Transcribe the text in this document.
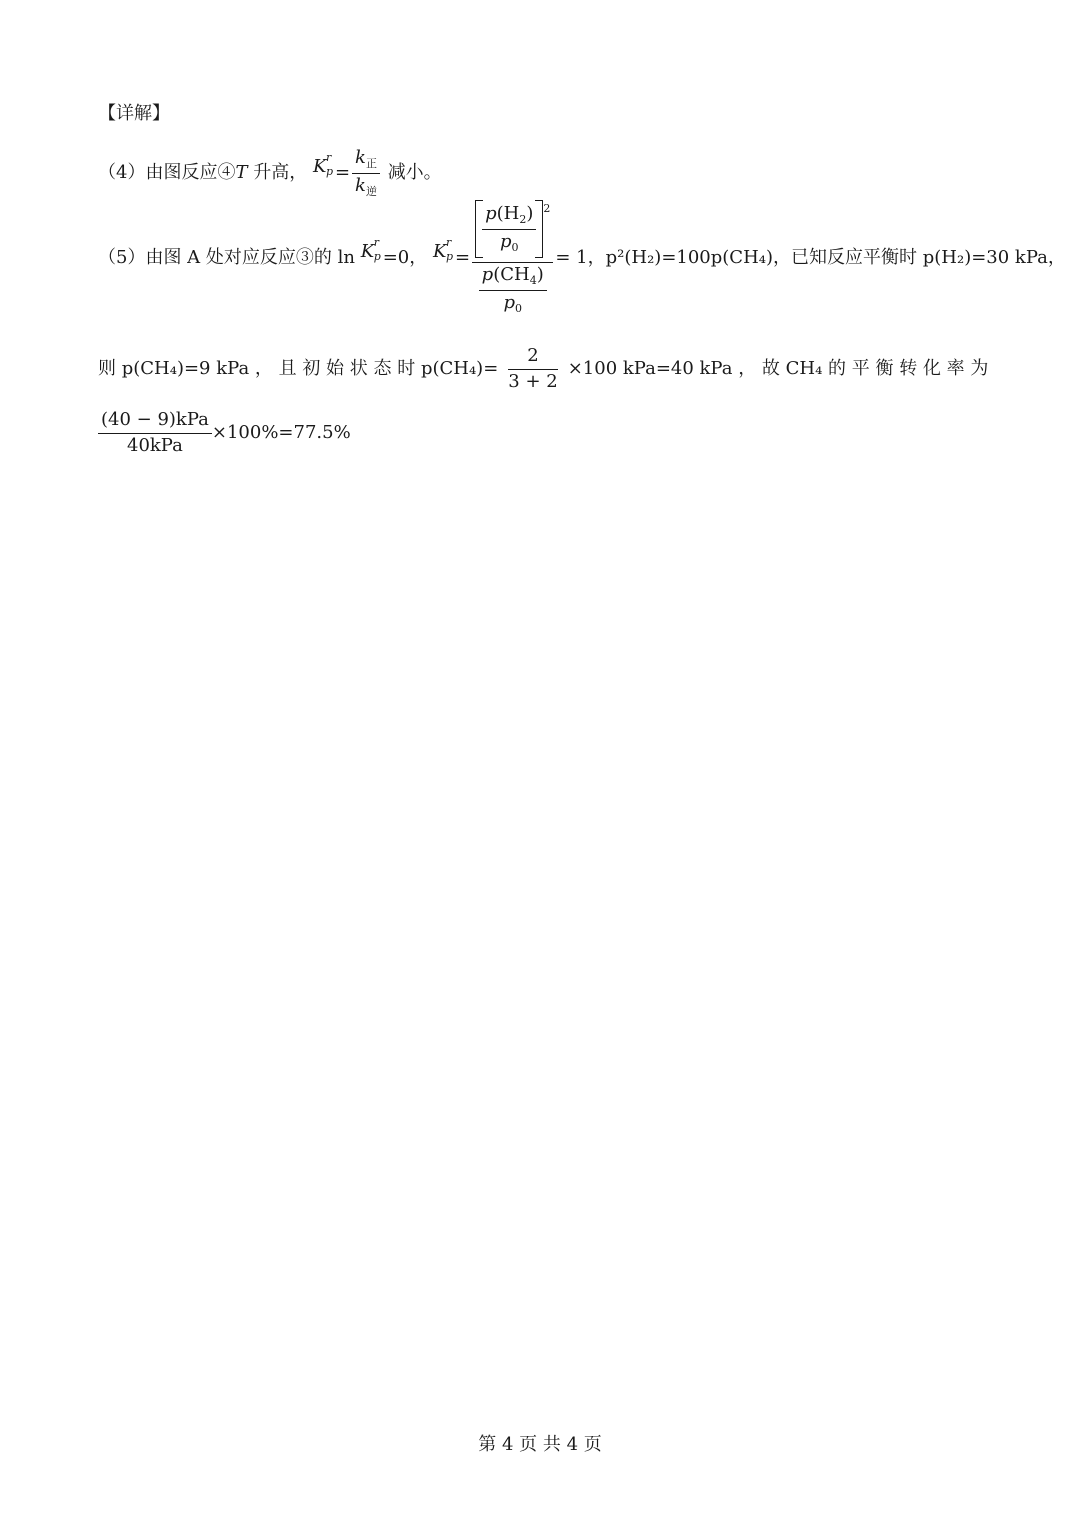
【详解】
（4）由图反应④T 升高， K r
$p = \frac{k_正}{k_逆}$ 减小。
（5）由图 A 处对应反应③的 ln K r
p =0， K r
$p = \frac{\frac{p(H_2)}{p_0} ^2}{\frac{p(CH_4)}{p_0}} = 1$，p²(H₂)=100p(CH₄)，已知反应平衡时 p(H₂)=30 kPa，
则 p(CH₄)=9 kPa ， 且 初 始 状 态 时 $p(CH_4)= \frac{2}{3 + 2} \times 100$ kPa=40 kPa ， 故 CH₄ 的 平 衡 转 化 率 为
$\frac{\text{(40 − 9)kPa}}{\text{40kPa}} \times 100\%=77.5\%$
第 4 页 共 4 页
